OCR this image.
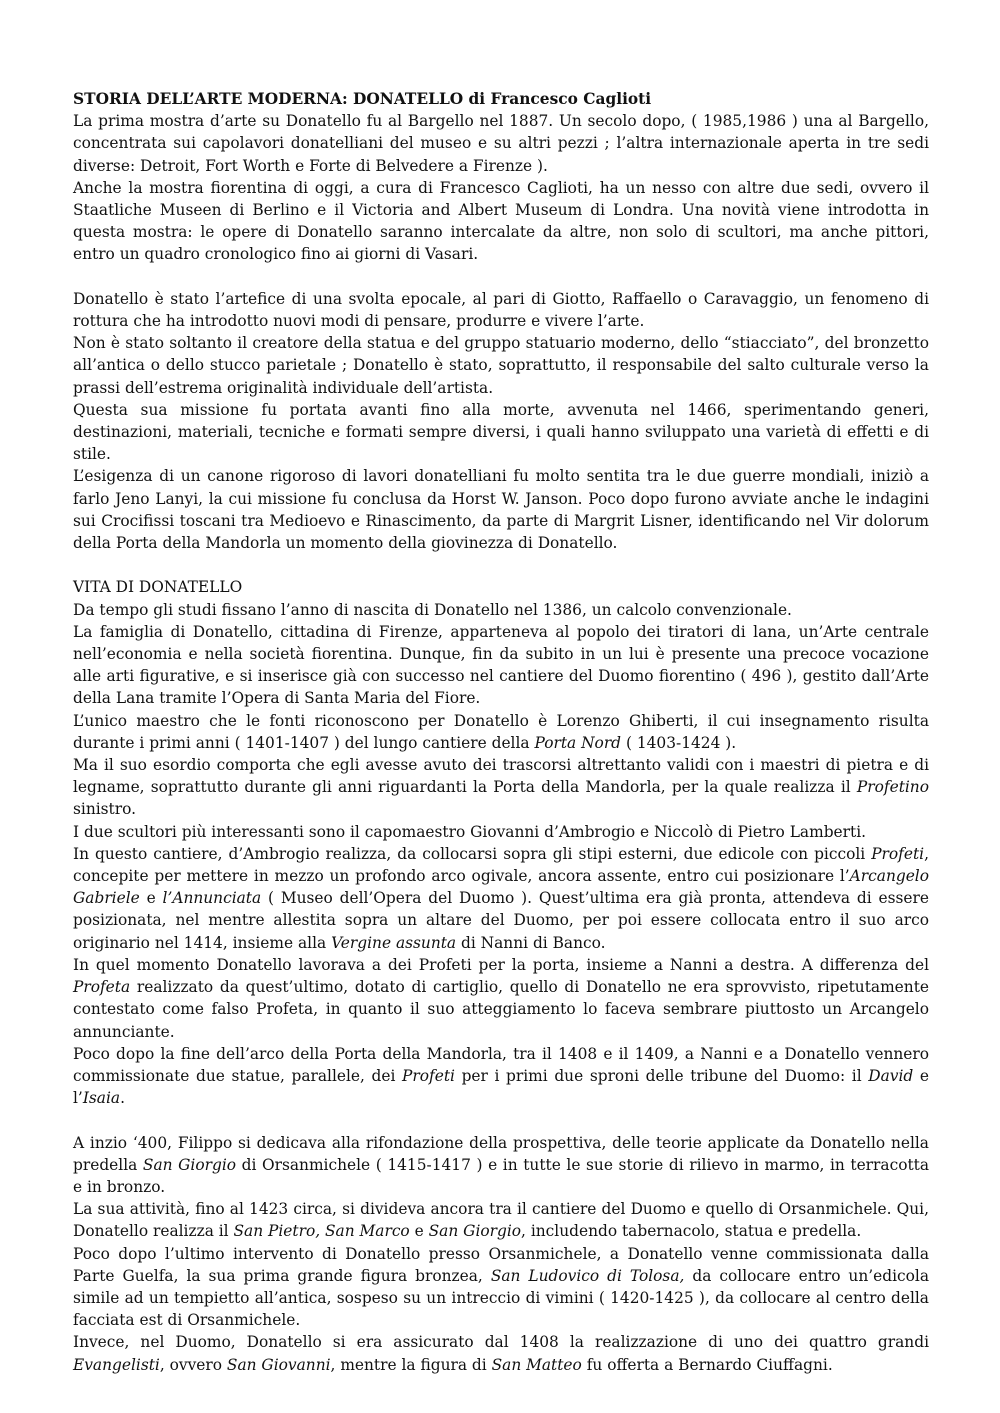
STORIA DELL’ARTE MODERNA: DONATELLO di Francesco Caglioti

La prima mostra d’arte su Donatello fu al Bargello nel 1887. Un secolo dopo, ( 1985,1986 ) una al Bargello, concentrata sui capolavori donatelliani del museo e su altri pezzi ; l’altra internazionale aperta in tre sedi diverse: Detroit, Fort Worth e Forte di Belvedere a Firenze ).

Anche la mostra fiorentina di oggi, a cura di Francesco Caglioti, ha un nesso con altre due sedi, ovvero il Staatliche Museen di Berlino e il Victoria and Albert Museum di Londra. Una novità viene introdotta in questa mostra: le opere di Donatello saranno intercalate da altre, non solo di scultori, ma anche pittori, entro un quadro cronologico fino ai giorni di Vasari.

Donatello è stato l’artefice di una svolta epocale, al pari di Giotto, Raffaello o Caravaggio, un fenomeno di rottura che ha introdotto nuovi modi di pensare, produrre e vivere l’arte.

Non è stato soltanto il creatore della statua e del gruppo statuario moderno, dello “stiacciato”, del bronzetto all’antica o dello stucco parietale ; Donatello è stato, soprattutto, il responsabile del salto culturale verso la prassi dell’estrema originalità individuale dell’artista.

Questa sua missione fu portata avanti fino alla morte, avvenuta nel 1466, sperimentando generi, destinazioni, materiali, tecniche e formati sempre diversi, i quali hanno sviluppato una varietà di effetti e di stile.

L’esigenza di un canone rigoroso di lavori donatelliani fu molto sentita tra le due guerre mondiali, iniziò a farlo Jeno Lanyi, la cui missione fu conclusa da Horst W. Janson. Poco dopo furono avviate anche le indagini sui Crocifissi toscani tra Medioevo e Rinascimento, da parte di Margrit Lisner, identificando nel Vir dolorum della Porta della Mandorla un momento della giovinezza di Donatello.

VITA DI DONATELLO

Da tempo gli studi fissano l’anno di nascita di Donatello nel 1386, un calcolo convenzionale.

La famiglia di Donatello, cittadina di Firenze, apparteneva al popolo dei tiratori di lana, un’Arte centrale nell’economia e nella società fiorentina. Dunque, fin da subito in un lui è presente una precoce vocazione alle arti figurative, e si inserisce già con successo nel cantiere del Duomo fiorentino ( 496 ), gestito dall’Arte della Lana tramite l’Opera di Santa Maria del Fiore.

L’unico maestro che le fonti riconoscono per Donatello è Lorenzo Ghiberti, il cui insegnamento risulta durante i primi anni ( 1401-1407 ) del lungo cantiere della Porta Nord ( 1403-1424 ).

Ma il suo esordio comporta che egli avesse avuto dei trascorsi altrettanto validi con i maestri di pietra e di legname, soprattutto durante gli anni riguardanti la Porta della Mandorla, per la quale realizza il Profetino sinistro.

I due scultori più interessanti sono il capomaestro Giovanni d’Ambrogio e Niccolò di Pietro Lamberti.

In questo cantiere, d’Ambrogio realizza, da collocarsi sopra gli stipi esterni, due edicole con piccoli Profeti, concepite per mettere in mezzo un profondo arco ogivale, ancora assente, entro cui posizionare l’Arcangelo Gabriele e l’Annunciata ( Museo dell’Opera del Duomo ). Quest’ultima era già pronta, attendeva di essere posizionata, nel mentre allestita sopra un altare del Duomo, per poi essere collocata entro il suo arco originario nel 1414, insieme alla Vergine assunta di Nanni di Banco.

In quel momento Donatello lavorava a dei Profeti per la porta, insieme a Nanni a destra. A differenza del Profeta realizzato da quest’ultimo, dotato di cartiglio, quello di Donatello ne era sprovvisto, ripetutamente contestato come falso Profeta, in quanto il suo atteggiamento lo faceva sembrare piuttosto un Arcangelo annunciante.

Poco dopo la fine dell’arco della Porta della Mandorla, tra il 1408 e il 1409, a Nanni e a Donatello vennero commissionate due statue, parallele, dei Profeti per i primi due sproni delle tribune del Duomo: il David e l’Isaia.

A inzio ‘400, Filippo si dedicava alla rifondazione della prospettiva, delle teorie applicate da Donatello nella predella San Giorgio di Orsanmichele ( 1415-1417 ) e in tutte le sue storie di rilievo in marmo, in terracotta e in bronzo.

La sua attività, fino al 1423 circa, si divideva ancora tra il cantiere del Duomo e quello di Orsanmichele. Qui, Donatello realizza il San Pietro, San Marco e San Giorgio, includendo tabernacolo, statua e predella.

Poco dopo l’ultimo intervento di Donatello presso Orsanmichele, a Donatello venne commissionata dalla Parte Guelfa, la sua prima grande figura bronzea, San Ludovico di Tolosa, da collocare entro un’edicola simile ad un tempietto all’antica, sospeso su un intreccio di vimini ( 1420-1425 ), da collocare al centro della facciata est di Orsanmichele.

Invece, nel Duomo, Donatello si era assicurato dal 1408 la realizzazione di uno dei quattro grandi Evangelisti, ovvero San Giovanni, mentre la figura di San Matteo fu offerta a Bernardo Ciuffagni.
